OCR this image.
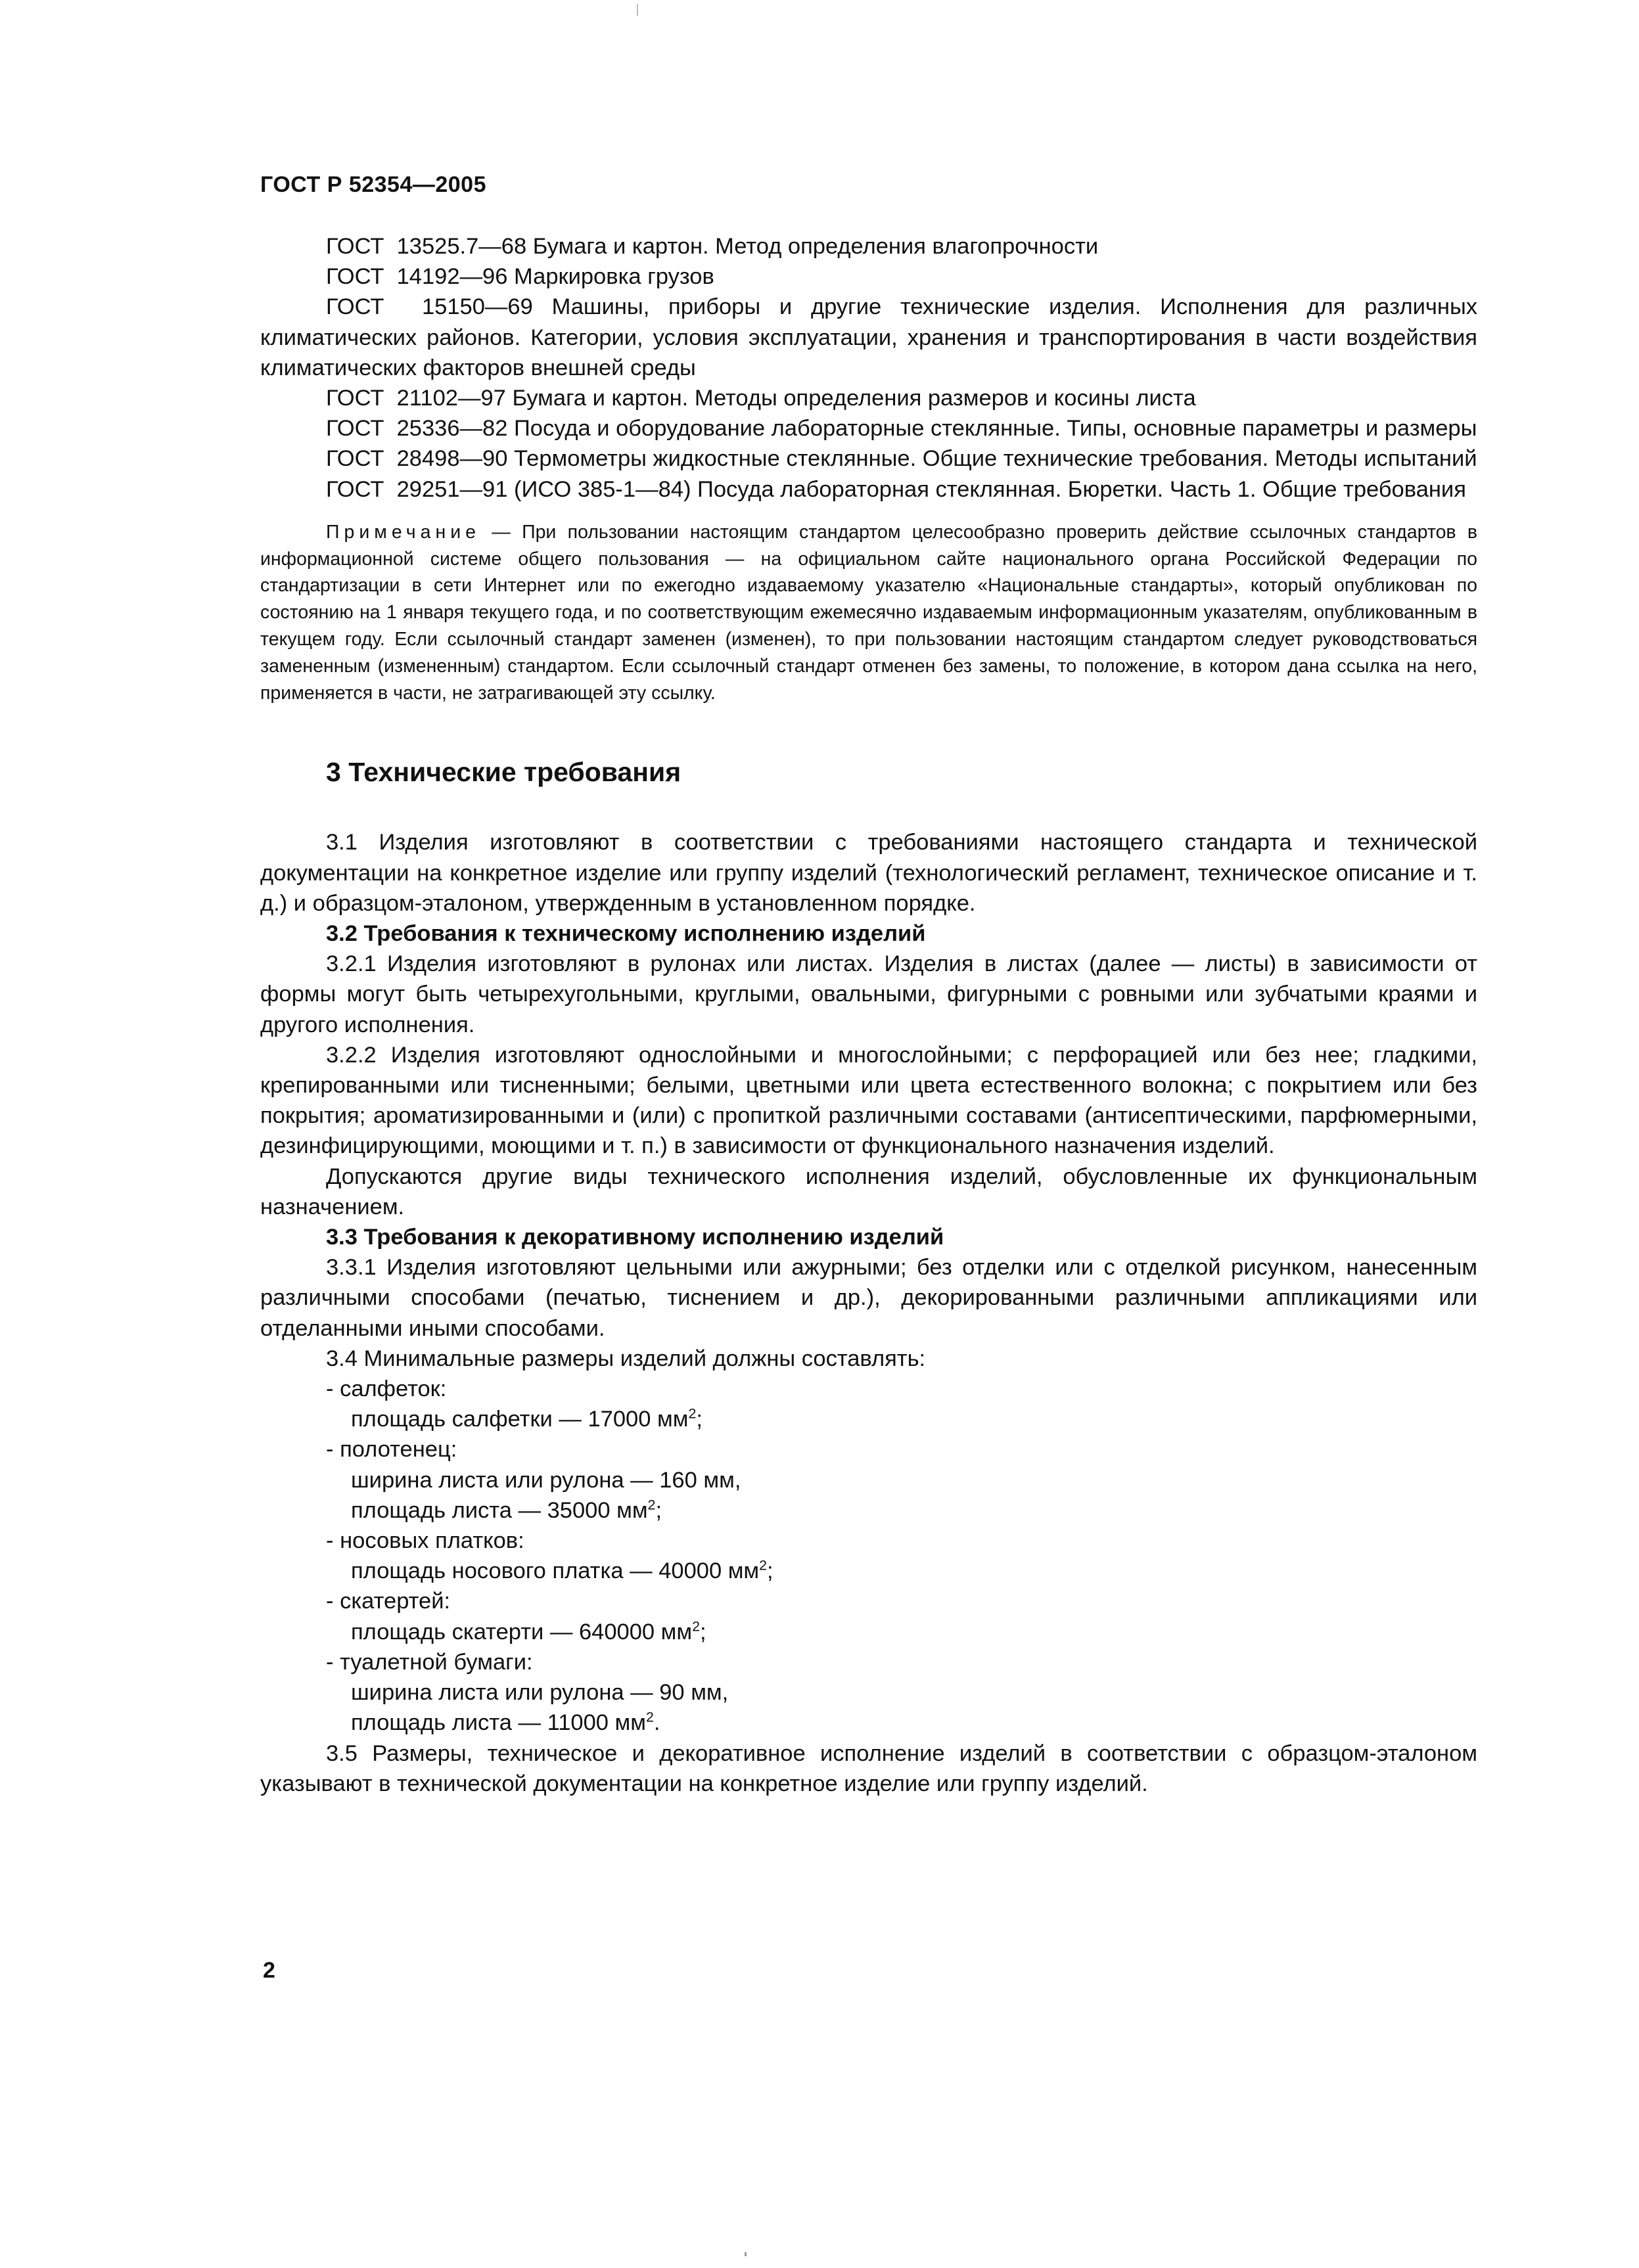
ГОСТ Р 52354—2005

ГОСТ  13525.7—68 Бумага и картон. Метод определения влагопрочности

ГОСТ  14192—96 Маркировка грузов

ГОСТ  15150—69 Машины, приборы и другие технические изделия. Исполнения для различных климатических районов. Категории, условия эксплуатации, хранения и транспортирования в части воздействия климатических факторов внешней среды

ГОСТ  21102—97 Бумага и картон. Методы определения размеров и косины листа

ГОСТ  25336—82 Посуда и оборудование лабораторные стеклянные. Типы, основные параметры и размеры

ГОСТ  28498—90 Термометры жидкостные стеклянные. Общие технические требования. Методы испытаний

ГОСТ  29251—91 (ИСО 385-1—84) Посуда лабораторная стеклянная. Бюретки. Часть 1. Общие требования

Примечание — При пользовании настоящим стандартом целесообразно проверить действие ссылочных стандартов в информационной системе общего пользования — на официальном сайте национального органа Российской Федерации по стандартизации в сети Интернет или по ежегодно издаваемому указателю «Национальные стандарты», который опубликован по состоянию на 1 января текущего года, и по соответствующим ежемесячно издаваемым информационным указателям, опубликованным в текущем году. Если ссылочный стандарт заменен (изменен), то при пользовании настоящим стандартом следует руководствоваться замененным (измененным) стандартом. Если ссылочный стандарт отменен без замены, то положение, в котором дана ссылка на него, применяется в части, не затрагивающей эту ссылку.

3 Технические требования

3.1 Изделия изготовляют в соответствии с требованиями настоящего стандарта и технической документации на конкретное изделие или группу изделий (технологический регламент, техническое описание и т. д.) и образцом-эталоном, утвержденным в установленном порядке.

3.2 Требования к техническому исполнению изделий

3.2.1 Изделия изготовляют в рулонах или листах. Изделия в листах (далее — листы) в зависимости от формы могут быть четырехугольными, круглыми, овальными, фигурными с ровными или зубчатыми краями и другого исполнения.

3.2.2 Изделия изготовляют однослойными и многослойными; с перфорацией или без нее; гладкими, крепированными или тисненными; белыми, цветными или цвета естественного волокна; с покрытием или без покрытия; ароматизированными и (или) с пропиткой различными составами (антисептическими, парфюмерными, дезинфицирующими, моющими и т. п.) в зависимости от функционального назначения изделий.

Допускаются другие виды технического исполнения изделий, обусловленные их функциональным назначением.

3.3 Требования к декоративному исполнению изделий

3.3.1 Изделия изготовляют цельными или ажурными; без отделки или с отделкой рисунком, нанесенным различными способами (печатью, тиснением и др.), декорированными различными аппликациями или отделанными иными способами.

3.4 Минимальные размеры изделий должны составлять:

- салфеток:

площадь салфетки — 17000 $мм^2$;

- полотенец:

ширина листа или рулона — 160 мм,

площадь листа — 35000 $мм^2$;

- носовых платков:

площадь носового платка — 40000 $мм^2$;

- скатертей:

площадь скатерти — 640000 $мм^2$;

- туалетной бумаги:

ширина листа или рулона — 90 мм,

площадь листа — 11000 $мм^2$.

3.5 Размеры, техническое и декоративное исполнение изделий в соответствии с образцом-эталоном указывают в технической документации на конкретное изделие или группу изделий.

2
